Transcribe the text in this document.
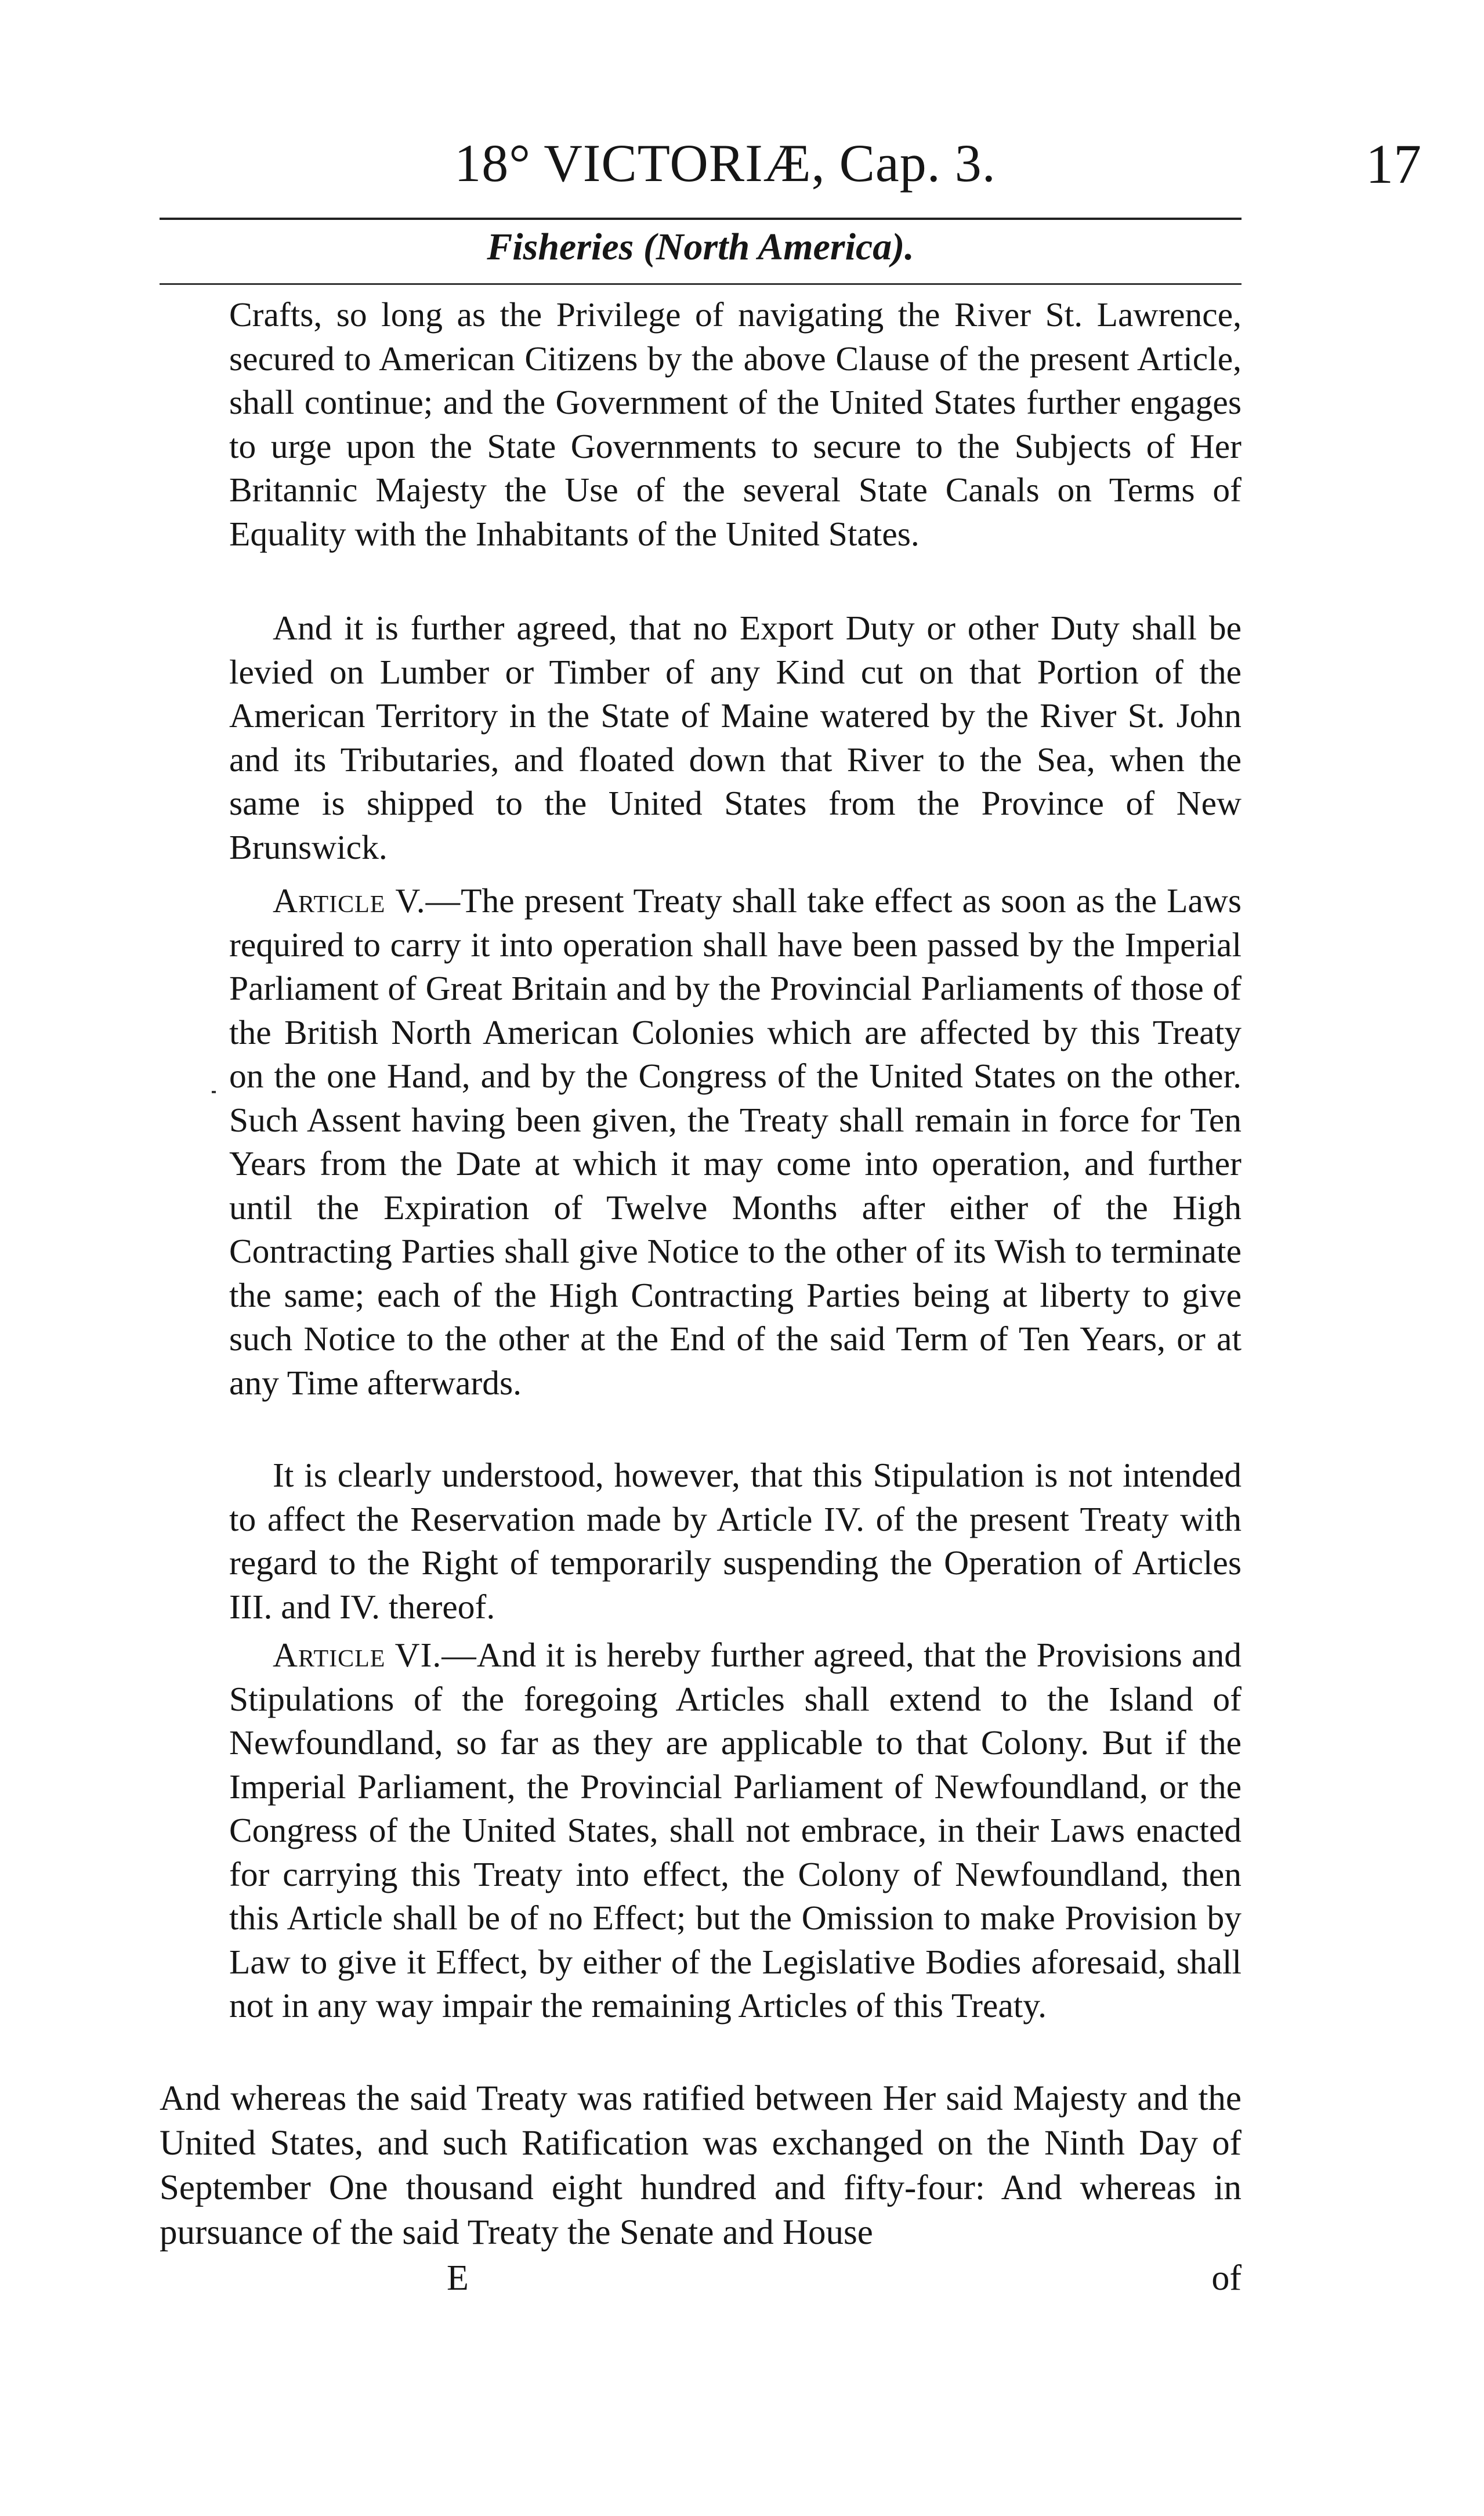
18° VICTORIÆ, Cap. 3.	17
Fisheries (North America).

Crafts, so long as the Privilege of navigating the River St. Lawrence, secured to American Citizens by the above Clause of the present Article, shall continue; and the Government of the United States further engages to urge upon the State Governments to secure to the Subjects of Her Britannic Majesty the Use of the several State Canals on Terms of Equality with the Inhabitants of the United States.

And it is further agreed, that no Export Duty or other Duty shall be levied on Lumber or Timber of any Kind cut on that Portion of the American Territory in the State of Maine watered by the River St. John and its Tributaries, and floated down that River to the Sea, when the same is shipped to the United States from the Province of New Brunswick.

Article V.—The present Treaty shall take effect as soon as the Laws required to carry it into operation shall have been passed by the Imperial Parliament of Great Britain and by the Provincial Parliaments of those of the British North American Colonies which are affected by this Treaty on the one Hand, and by the Congress of the United States on the other. Such Assent having been given, the Treaty shall remain in force for Ten Years from the Date at which it may come into operation, and further until the Expiration of Twelve Months after either of the High Contracting Parties shall give Notice to the other of its Wish to terminate the same; each of the High Contracting Parties being at liberty to give such Notice to the other at the End of the said Term of Ten Years, or at any Time afterwards.

It is clearly understood, however, that this Stipulation is not intended to affect the Reservation made by Article IV. of the present Treaty with regard to the Right of temporarily suspending the Operation of Articles III. and IV. thereof.

Article VI.—And it is hereby further agreed, that the Provisions and Stipulations of the foregoing Articles shall extend to the Island of Newfoundland, so far as they are applicable to that Colony. But if the Imperial Parliament, the Provincial Parliament of Newfoundland, or the Congress of the United States, shall not embrace, in their Laws enacted for carrying this Treaty into effect, the Colony of Newfoundland, then this Article shall be of no Effect; but the Omission to make Provision by Law to give it Effect, by either of the Legislative Bodies aforesaid, shall not in any way impair the remaining Articles of this Treaty.

And whereas the said Treaty was ratified between Her said Majesty and the United States, and such Ratification was exchanged on the Ninth Day of September One thousand eight hundred and fifty-four: And whereas in pursuance of the said Treaty the Senate and House

E	of
